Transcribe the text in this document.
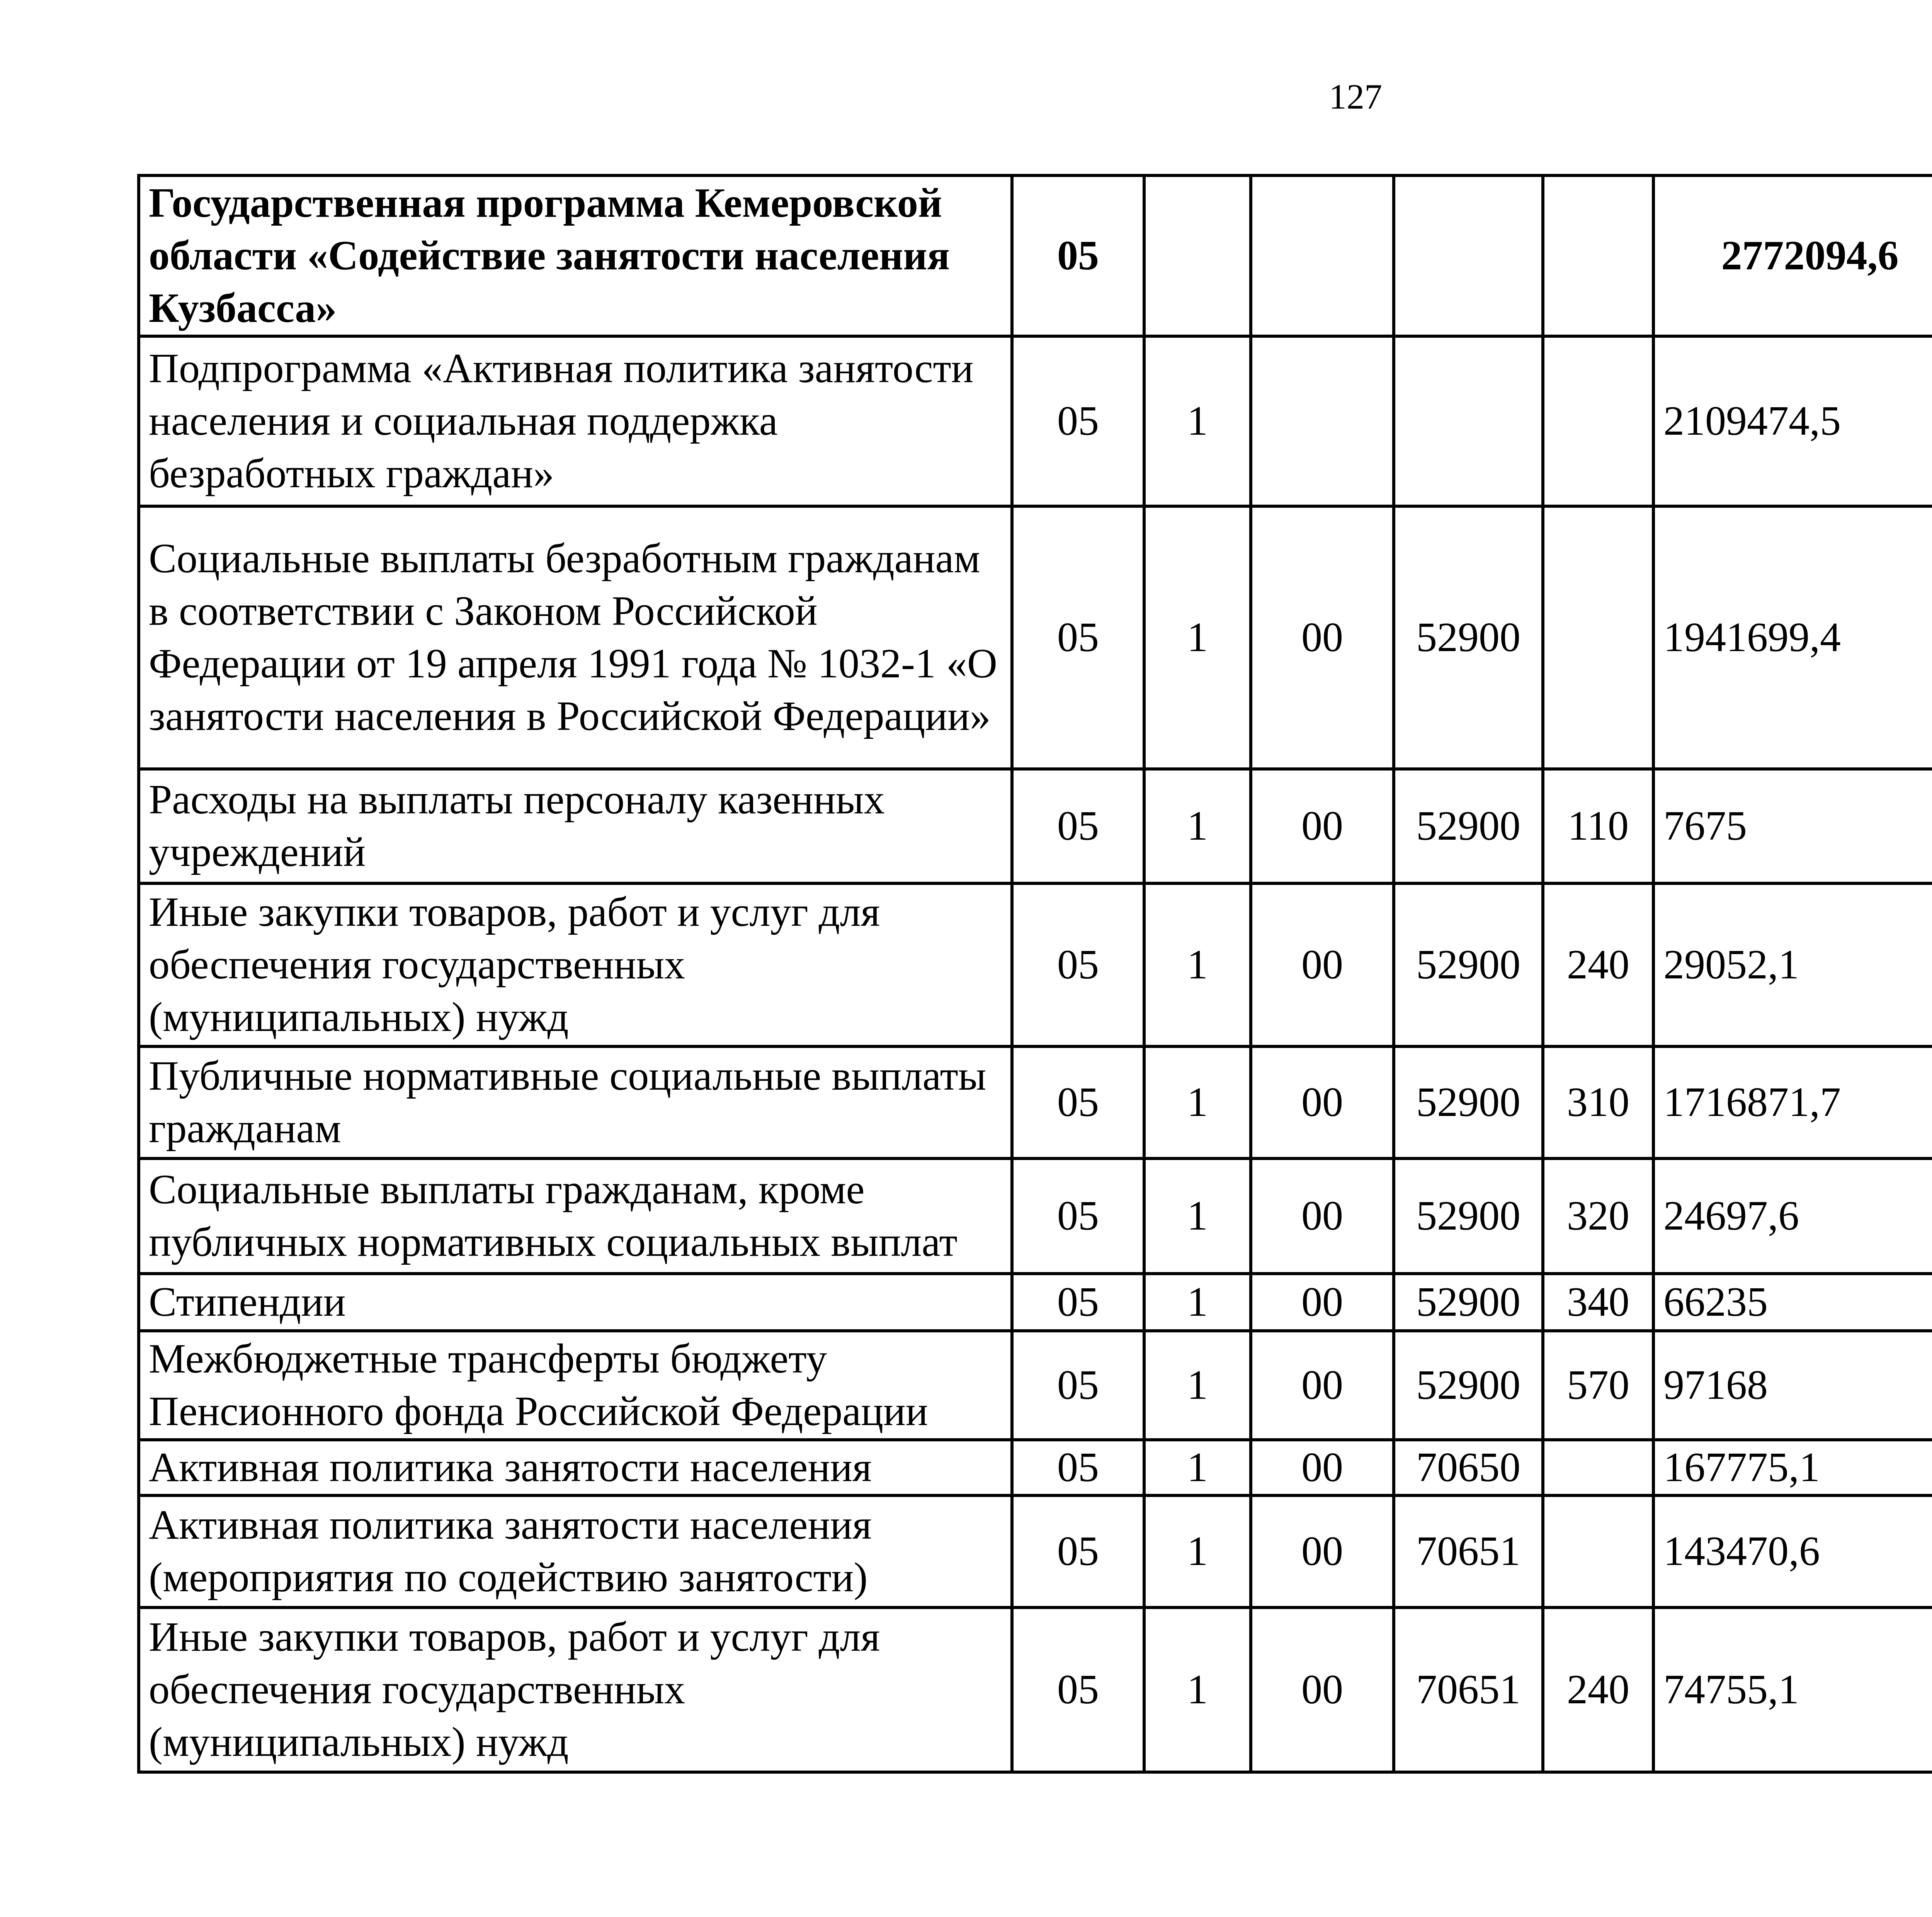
127
Государственная программа Кемеровской области «Содействие занятости населения Кузбасса»	05					2772094,6		
Подпрограмма «Активная политика занятости населения и социальная поддержка безработных граждан»	05	1				2109474,5		
Социальные выплаты безработным гражданам в соответствии с Законом Российской Федерации от 19 апреля 1991 года № 1032-1 «О занятости населения в Российской Федерации»	05	1	00	52900		1941699,4		
Расходы на выплаты персоналу казенных учреждений	05	1	00	52900	110	7675		
Иные закупки товаров, работ и услуг для обеспечения государственных (муниципальных) нужд	05	1	00	52900	240	29052,1		
Публичные нормативные социальные выплаты гражданам	05	1	00	52900	310	1716871,7		
Социальные выплаты гражданам, кроме публичных нормативных социальных выплат	05	1	00	52900	320	24697,6		
Стипендии	05	1	00	52900	340	66235		
Межбюджетные трансферты бюджету Пенсионного фонда Российской Федерации	05	1	00	52900	570	97168		
Активная политика занятости населения	05	1	00	70650		167775,1		
Активная политика занятости населения (мероприятия по содействию занятости)	05	1	00	70651		143470,6		
Иные закупки товаров, работ и услуг для обеспечения государственных (муниципальных) нужд	05	1	00	70651	240	74755,1		
